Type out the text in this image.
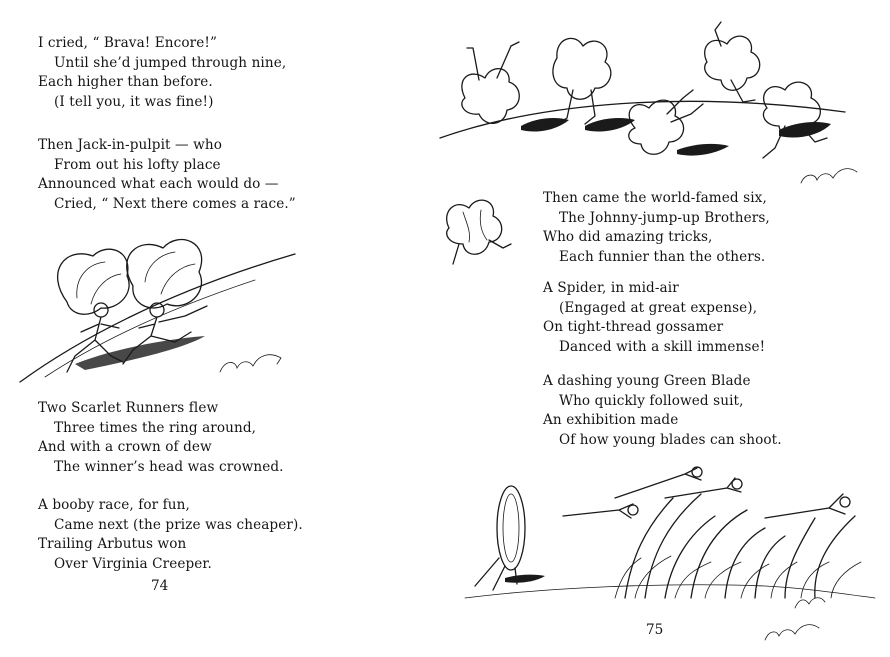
I cried, “ Brava! Encore!”
Until she’d jumped through nine,
Each higher than before.
(I tell you, it was fine!)
Then Jack-in-pulpit — who
From out his lofty place
Announced what each would do —
Cried, “ Next there comes a race.”
Two Scarlet Runners flew
Three times the ring around,
And with a crown of dew
The winner’s head was crowned.
A booby race, for fun,
Came next (the prize was cheaper).
Trailing Arbutus won
Over Virginia Creeper.
74
Then came the world-famed six,
The Johnny-jump-up Brothers,
Who did amazing tricks,
Each funnier than the others.
A Spider, in mid-air
(Engaged at great expense),
On tight-thread gossamer
Danced with a skill immense!
A dashing young Green Blade
Who quickly followed suit,
An exhibition made
Of how young blades can shoot.
75
